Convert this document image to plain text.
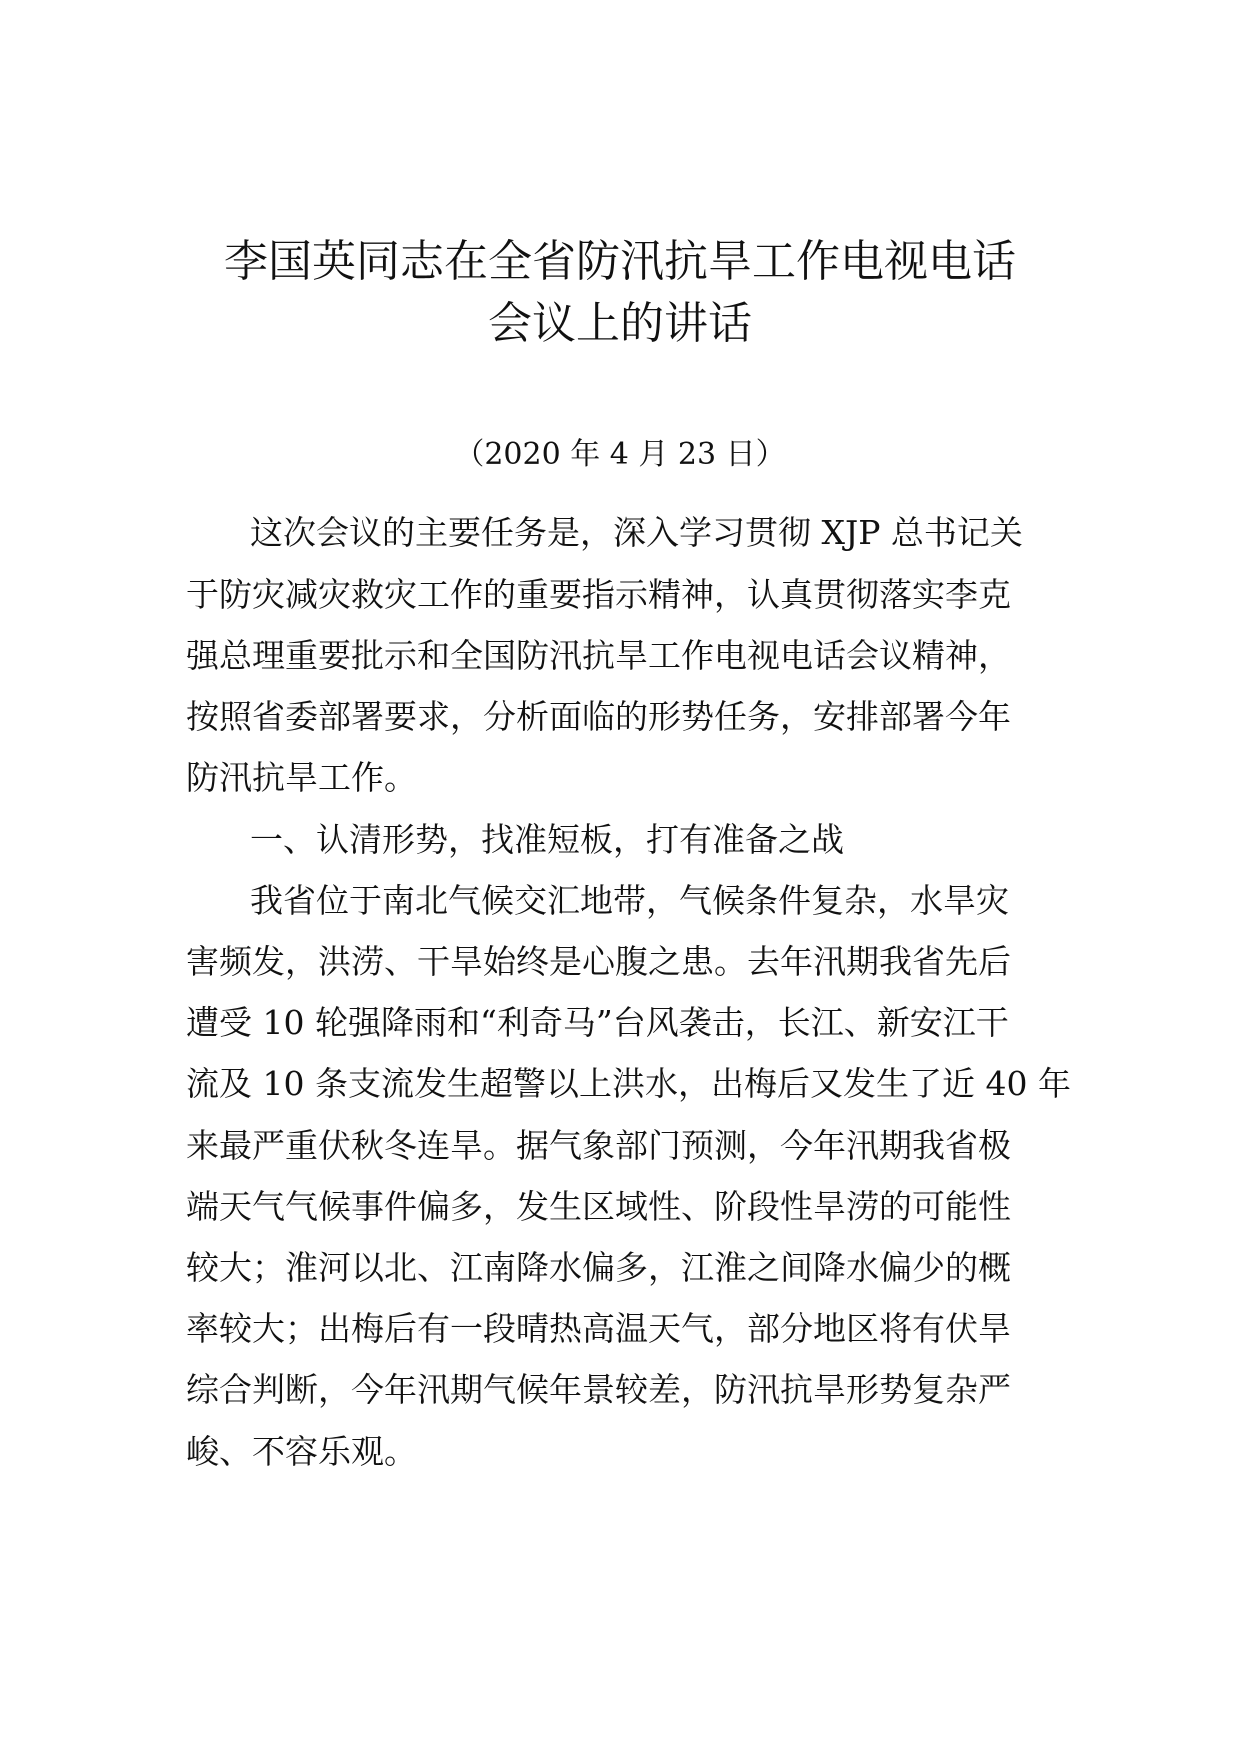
李国英同志在全省防汛抗旱工作电视电话
会议上的讲话
（2020 年 4 月 23 日）
这次会议的主要任务是，深入学习贯彻 XJP 总书记关
于防灾减灾救灾工作的重要指示精神，认真贯彻落实李克
强总理重要批示和全国防汛抗旱工作电视电话会议精神，
按照省委部署要求，分析面临的形势任务，安排部署今年
防汛抗旱工作。
一、认清形势，找准短板，打有准备之战
我省位于南北气候交汇地带，气候条件复杂，水旱灾
害频发，洪涝、干旱始终是心腹之患。去年汛期我省先后
遭受 10 轮强降雨和“利奇马”台风袭击，长江、新安江干
流及 10 条支流发生超警以上洪水，出梅后又发生了近 40 年
来最严重伏秋冬连旱。据气象部门预测，今年汛期我省极
端天气气候事件偏多，发生区域性、阶段性旱涝的可能性
较大；淮河以北、江南降水偏多，江淮之间降水偏少的概
率较大；出梅后有一段晴热高温天气，部分地区将有伏旱
综合判断，今年汛期气候年景较差，防汛抗旱形势复杂严
峻、不容乐观。
